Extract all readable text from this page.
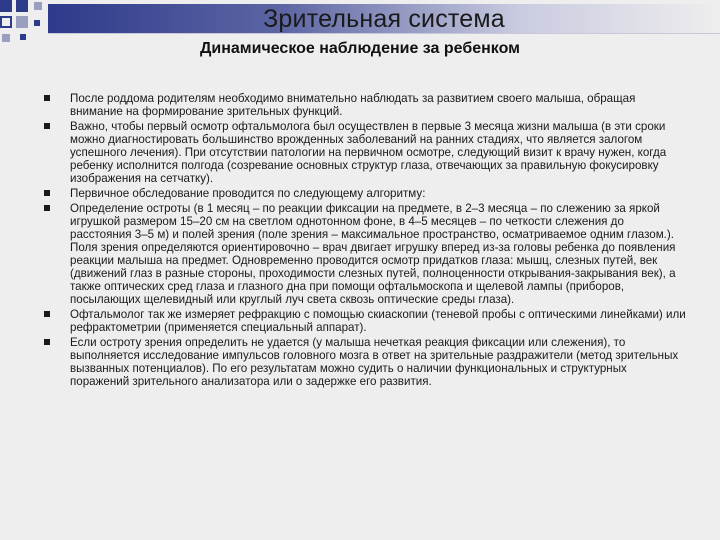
Зрительная система
Динамическое наблюдение за ребенком
После роддома родителям необходимо внимательно наблюдать за развитием своего малыша, обращая внимание на формирование зрительных функций.
Важно, чтобы первый осмотр офтальмолога был осуществлен в первые 3 месяца жизни малыша (в эти сроки можно диагностировать большинство врожденных заболеваний на ранних стадиях, что является залогом успешного лечения). При отсутствии патологии на первичном осмотре, следующий визит к врачу нужен, когда ребенку исполнится полгода (созревание основных структур глаза, отвечающих за правильную фокусировку изображения на сетчатку).
Первичное обследование проводится по следующему алгоритму:
Определение остроты (в 1 месяц – по реакции фиксации на предмете, в 2–3 месяца – по слежению за яркой игрушкой размером 15–20 см на светлом однотонном фоне, в 4–5 месяцев – по четкости слежения до расстояния 3–5 м) и полей зрения (поле зрения – максимальное пространство, осматриваемое одним глазом.). Поля зрения определяются ориентировочно – врач двигает игрушку вперед из-за головы ребенка до появления реакции малыша на предмет. Одновременно проводится осмотр придатков глаза: мышц, слезных путей, век (движений глаз в разные стороны, проходимости слезных путей, полноценности открывания-закрывания век), а также оптических сред глаза и глазного дна при помощи офтальмоскопа и щелевой лампы (приборов, посылающих щелевидный или круглый луч света сквозь оптические среды глаза).
Офтальмолог так же измеряет рефракцию с помощью скиаскопии (теневой пробы с оптическими линейками) или рефрактометрии (применяется специальный аппарат).
Если остроту зрения определить не удается (у малыша нечеткая реакция фиксации или слежения), то выполняется исследование импульсов головного мозга в ответ на зрительные раздражители (метод зрительных вызванных потенциалов). По его результатам можно судить о наличии функциональных и структурных поражений зрительного анализатора или о задержке его развития.
